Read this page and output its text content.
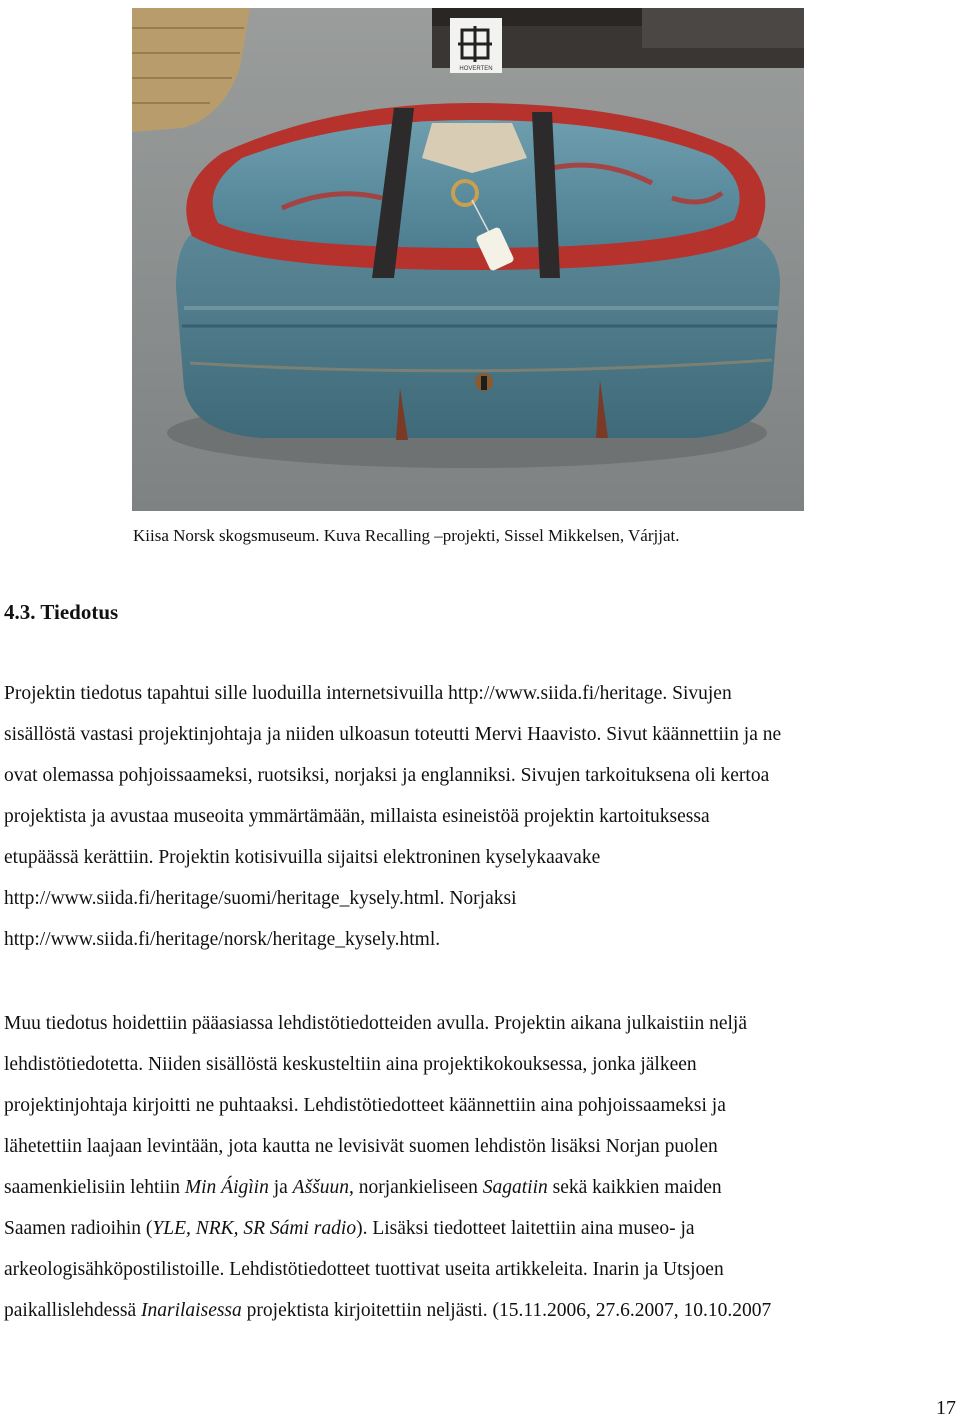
HOVERTEN
Kiisa Norsk skogsmuseum. Kuva Recalling –projekti, Sissel Mikkelsen, Várjjat.
4.3. Tiedotus
Projektin tiedotus tapahtui sille luoduilla internetsivuilla http://www.siida.fi/heritage. Sivujen
sisällöstä vastasi projektinjohtaja ja niiden ulkoasun toteutti Mervi Haavisto. Sivut käännettiin ja ne
ovat olemassa pohjoissaameksi, ruotsiksi, norjaksi ja englanniksi. Sivujen tarkoituksena oli kertoa
projektista ja avustaa museoita ymmärtämään, millaista esineistöä projektin kartoituksessa
etupäässä kerättiin. Projektin kotisivuilla sijaitsi elektroninen kyselykaavake
http://www.siida.fi/heritage/suomi/heritage_kysely.html. Norjaksi
http://www.siida.fi/heritage/norsk/heritage_kysely.html.
Muu tiedotus hoidettiin pääasiassa lehdistötiedotteiden avulla. Projektin aikana julkaistiin neljä
lehdistötiedotetta. Niiden sisällöstä keskusteltiin aina projektikokouksessa, jonka jälkeen
projektinjohtaja kirjoitti ne puhtaaksi. Lehdistötiedotteet käännettiin aina pohjoissaameksi ja
lähetettiin laajaan levintään, jota kautta ne levisivät suomen lehdistön lisäksi Norjan puolen
saamenkielisiin lehtiin Min Áigìin ja Aššuun, norjankieliseen Sagatiin sekä kaikkien maiden
Saamen radioihin (YLE, NRK, SR Sámi radio). Lisäksi tiedotteet laitettiin aina museo- ja
arkeologisähköpostilistoille. Lehdistötiedotteet tuottivat useita artikkeleita. Inarin ja Utsjoen
paikallislehdessä Inarilaisessa projektista kirjoitettiin neljästi. (15.11.2006, 27.6.2007, 10.10.2007
17
